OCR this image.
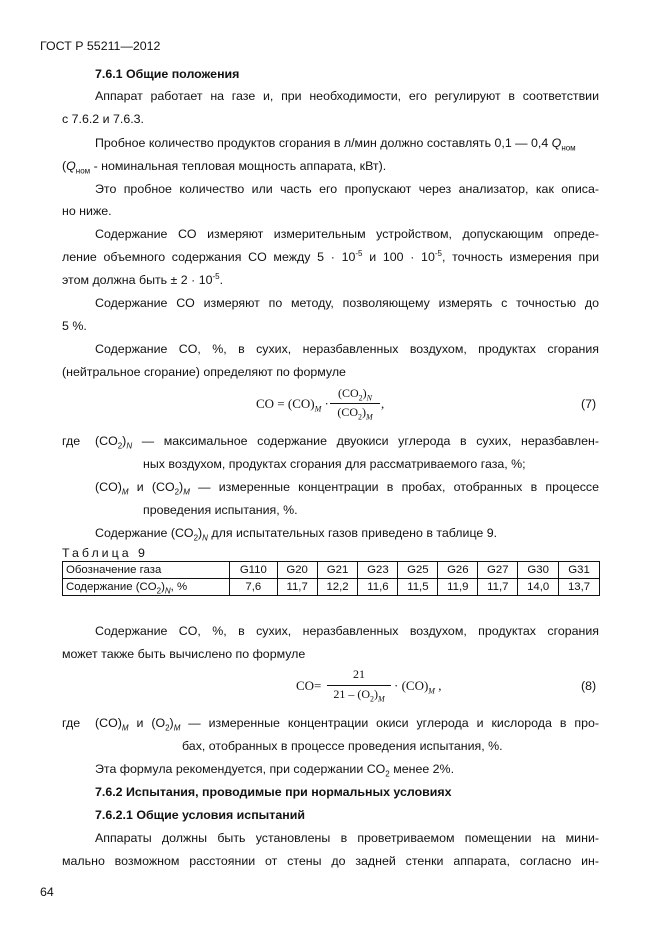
ГОСТ Р 55211—2012
7.6.1 Общие положения
Аппарат работает на газе и, при необходимости, его регулируют в соответствии
с 7.6.2 и 7.6.3.
Пробное количество продуктов сгорания в л/мин должно составлять 0,1 — 0,4 $Q_{ном}$
($Q_{ном}$ - номинальная тепловая мощность аппарата, кВт).
Это пробное количество или часть его пропускают через анализатор, как описа-
но ниже.
Содержание CO измеряют измерительным устройством, допускающим опреде-
ление объемного содержания CO между $5 \cdot 10^{-5}$ и $100 \cdot 10^{-5}$, точность измерения при
этом должна быть ± $2 \cdot 10^{-5}$.
Содержание CO измеряют по методу, позволяющему измерять с точностью до
5 %.
Содержание CO, %, в сухих, неразбавленных воздухом, продуктах сгорания
(нейтральное сгорание) определяют по формуле
CO = $(CO)_M$ ·
$(CO_2)_N$
$(CO_2)_M$
,	(7)
где $(CO_2)_N$ — максимальное содержание двуокиси углерода в сухих, неразбавлен-
ных воздухом, продуктах сгорания для рассматриваемого газа, %;
$(CO)_M$ и $(CO_2)_M$ — измеренные концентрации в пробах, отобранных в процессе
проведения испытания, %.
Содержание $(CO_2)_N$ для испытательных газов приведено в таблице 9.
Таблица 9
Обозначение газа	G110	G20	G21	G23	G25	G26	G27	G30	G31
Содержание $(CO_2)_N$, %	7,6	11,7	12,2	11,6	11,5	11,9	11,7	14,0	13,7
Содержание CO, %, в сухих, неразбавленных воздухом, продуктах сгорания
может также быть вычислено по формуле
CO=
21
$21 - (O_2)_M$
· $(CO)_M$ ,	(8)
где $(CO)_M$ и $(O_2)_M$ — измеренные концентрации окиси углерода и кислорода в про-
бах, отобранных в процессе проведения испытания, %.
Эта формула рекомендуется, при содержании $CO_2$ менее 2%.
7.6.2 Испытания, проводимые при нормальных условиях
7.6.2.1 Общие условия испытаний
Аппараты должны быть установлены в проветриваемом помещении на мини-
мально возможном расстоянии от стены до задней стенки аппарата, согласно ин-
64
